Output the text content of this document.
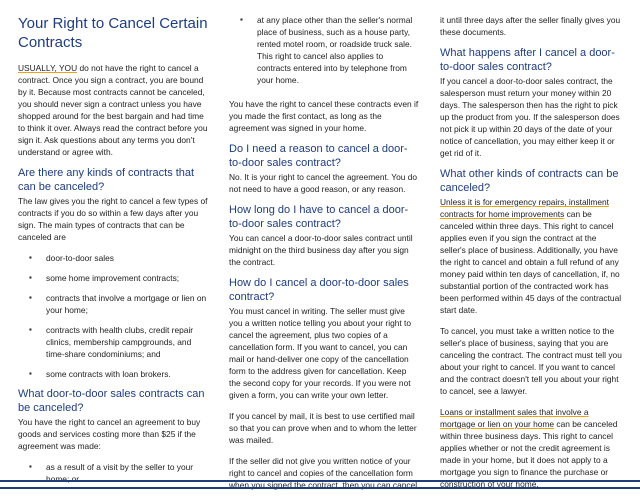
Your Right to Cancel Certain Contracts

USUALLY, YOU do not have the right to cancel a contract. Once you sign a contract, you are bound by it. Because most contracts cannot be canceled, you should never sign a contract unless you have shopped around for the best bargain and had time to think it over. Always read the contract before you sign it. Ask questions about any terms you don't understand or agree with.

Are there any kinds of contracts that can be canceled?

The law gives you the right to cancel a few types of contracts if you do so within a few days after you sign. The main types of contracts that can be canceled are

▪ door-to-door sales
▪ some home improvement contracts;
▪ contracts that involve a mortgage or lien on your home;
▪ contracts with health clubs, credit repair clinics, membership campgrounds, and time-share condominiums; and
▪ some contracts with loan brokers.
What door-to-door sales contracts can be canceled?

You have the right to cancel an agreement to buy goods and services costing more than $25 if the agreement was made:

▪ as a result of a visit by the seller to your home; or
▪ at any place other than the seller's normal place of business, such as a house party, rented motel room, or roadside truck sale. This right to cancel also applies to contracts entered into by telephone from your home.

You have the right to cancel these contracts even if you made the first contact, as long as the agreement was signed in your home.

Do I need a reason to cancel a door-to-door sales contract?

No. It is your right to cancel the agreement. You do not need to have a good reason, or any reason.

How long do I have to cancel a door-to-door sales contract?

You can cancel a door-to-door sales contract until midnight on the third business day after you sign the contract.

How do I cancel a door-to-door sales contract?

You must cancel in writing. The seller must give you a written notice telling you about your right to cancel the agreement, plus two copies of a cancellation form. If you want to cancel, you can mail or hand-deliver one copy of the cancellation form to the address given for cancellation. Keep the second copy for your records. If you were not given a form, you can write your own letter.

If you cancel by mail, it is best to use certified mail so that you can prove when and to whom the letter was mailed.

If the seller did not give you written notice of your right to cancel and copies of the cancellation form when you signed the contract, then you can cancel

it until three days after the seller finally gives you these documents.

What happens after I cancel a door-to-door sales contract?

If you cancel a door-to-door sales contract, the salesperson must return your money within 20 days. The salesperson then has the right to pick up the product from you. If the salesperson does not pick it up within 20 days of the date of your notice of cancellation, you may either keep it or get rid of it.

What other kinds of contracts can be canceled?

Unless it is for emergency repairs, installment contracts for home improvements can be canceled within three days. This right to cancel applies even if you sign the contract at the seller's place of business. Additionally, you have the right to cancel and obtain a full refund of any money paid within ten days of cancellation, if, no substantial portion of the contracted work has been performed within 45 days of the contractual start date.

To cancel, you must take a written notice to the seller's place of business, saying that you are canceling the contract. The contract must tell you about your right to cancel. If you want to cancel and the contract doesn't tell you about your right to cancel, see a lawyer.

Loans or installment sales that involve a mortgage or lien on your home can be canceled within three business days. This right to cancel applies whether or not the credit agreement is made in your home, but it does not apply to a mortgage you sign to finance the purchase or construction of your home.
